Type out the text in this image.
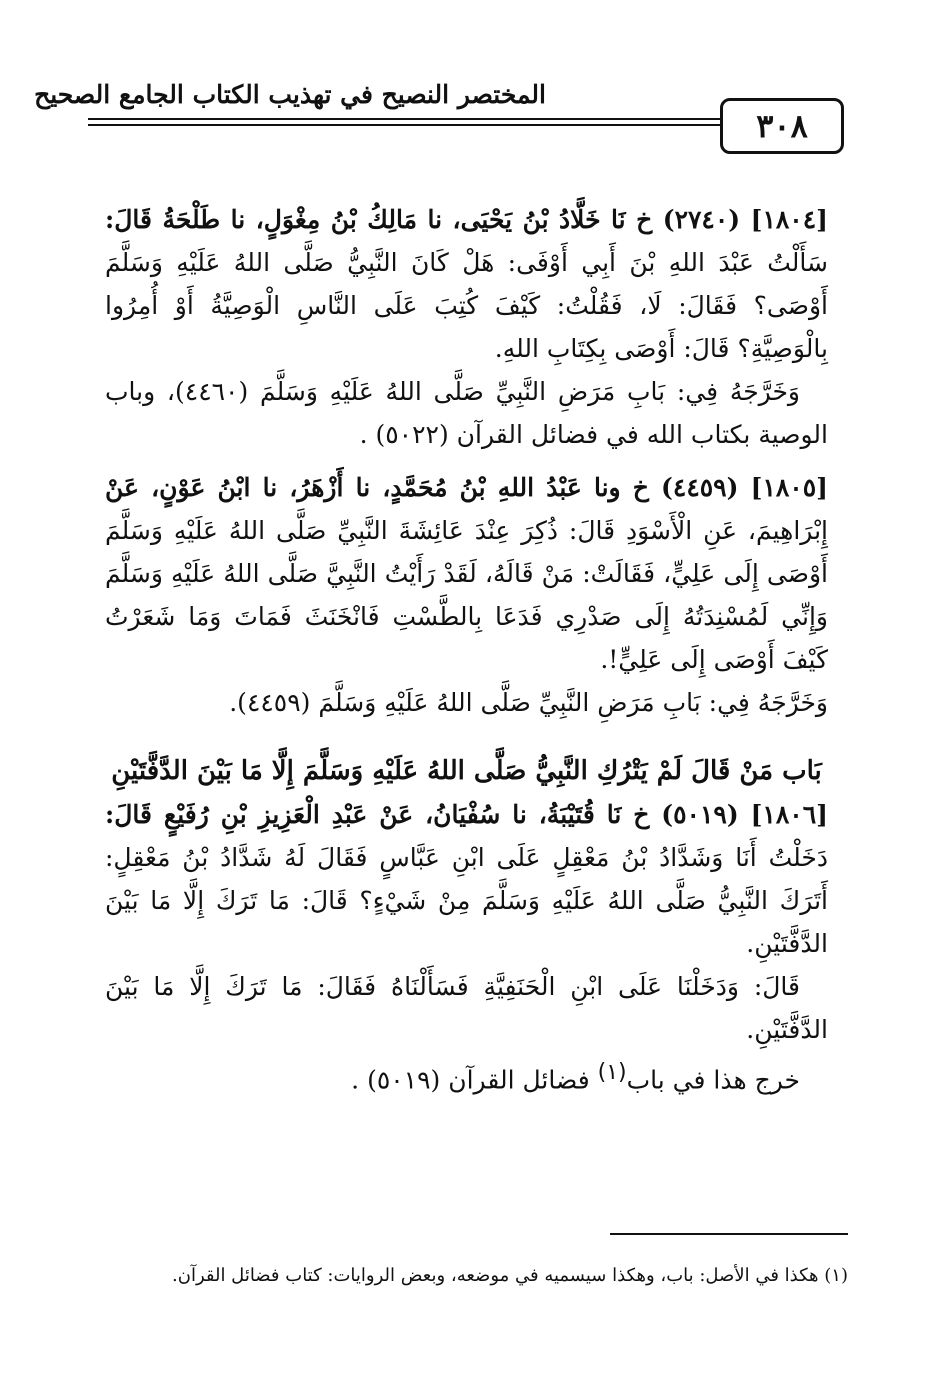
المختصر النصيح في تهذيب الكتاب الجامع الصحيح
٣٠٨

[١٨٠٤] (٢٧٤٠) خ نَا خَلَّادُ بْنُ يَحْيَى، نا مَالِكُ بْنُ مِغْوَلٍ، نا طَلْحَةُ قَالَ: سَأَلْتُ عَبْدَ اللهِ بْنَ أَبِي أَوْفَى: هَلْ كَانَ النَّبِيُّ صَلَّى اللهُ عَلَيْهِ وَسَلَّمَ أَوْصَى؟ فَقَالَ: لَا، فَقُلْتُ: كَيْفَ كُتِبَ عَلَى النَّاسِ الْوَصِيَّةُ أَوْ أُمِرُوا بِالْوَصِيَّةِ؟ قَالَ: أَوْصَى بِكِتَابِ اللهِ.

وَخَرَّجَهُ فِي: بَابِ مَرَضِ النَّبِيِّ صَلَّى اللهُ عَلَيْهِ وَسَلَّمَ (٤٤٦٠)، وباب الوصية بكتاب الله في فضائل القرآن (٥٠٢٢) .

[١٨٠٥] (٤٤٥٩) خ ونا عَبْدُ اللهِ بْنُ مُحَمَّدٍ، نا أَزْهَرُ، نا ابْنُ عَوْنٍ، عَنْ إِبْرَاهِيمَ، عَنِ الْأَسْوَدِ قَالَ: ذُكِرَ عِنْدَ عَائِشَةَ النَّبِيِّ صَلَّى اللهُ عَلَيْهِ وَسَلَّمَ أَوْصَى إِلَى عَلِيٍّ، فَقَالَتْ: مَنْ قَالَهُ، لَقَدْ رَأَيْتُ النَّبِيَّ صَلَّى اللهُ عَلَيْهِ وَسَلَّمَ وَإِنِّي لَمُسْنِدَتُهُ إِلَى صَدْرِي فَدَعَا بِالطَّسْتِ فَانْخَنَثَ فَمَاتَ وَمَا شَعَرْتُ كَيْفَ أَوْصَى إِلَى عَلِيٍّ!.

وَخَرَّجَهُ فِي: بَابِ مَرَضِ النَّبِيِّ صَلَّى اللهُ عَلَيْهِ وَسَلَّمَ (٤٤٥٩).

بَاب مَنْ قَالَ لَمْ يَتْرُكِ النَّبِيُّ صَلَّى اللهُ عَلَيْهِ وَسَلَّمَ إِلَّا مَا بَيْنَ الدَّفَّتَيْنِ

[١٨٠٦] (٥٠١٩) خ نَا قُتَيْبَةُ، نا سُفْيَانُ، عَنْ عَبْدِ الْعَزِيزِ بْنِ رُفَيْعٍ قَالَ: دَخَلْتُ أَنَا وَشَدَّادُ بْنُ مَعْقِلٍ عَلَى ابْنِ عَبَّاسٍ فَقَالَ لَهُ شَدَّادُ بْنُ مَعْقِلٍ: أَتَرَكَ النَّبِيُّ صَلَّى اللهُ عَلَيْهِ وَسَلَّمَ مِنْ شَيْءٍ؟ قَالَ: مَا تَرَكَ إِلَّا مَا بَيْنَ الدَّفَّتَيْنِ.

قَالَ: وَدَخَلْنَا عَلَى ابْنِ الْحَنَفِيَّةِ فَسَأَلْنَاهُ فَقَالَ: مَا تَرَكَ إِلَّا مَا بَيْنَ الدَّفَّتَيْنِ.

خرج هذا في باب$^{(١)}$ فضائل القرآن (٥٠١٩) .

(١) هكذا في الأصل: باب، وهكذا سيسميه في موضعه، وبعض الروايات: كتاب فضائل القرآن.
